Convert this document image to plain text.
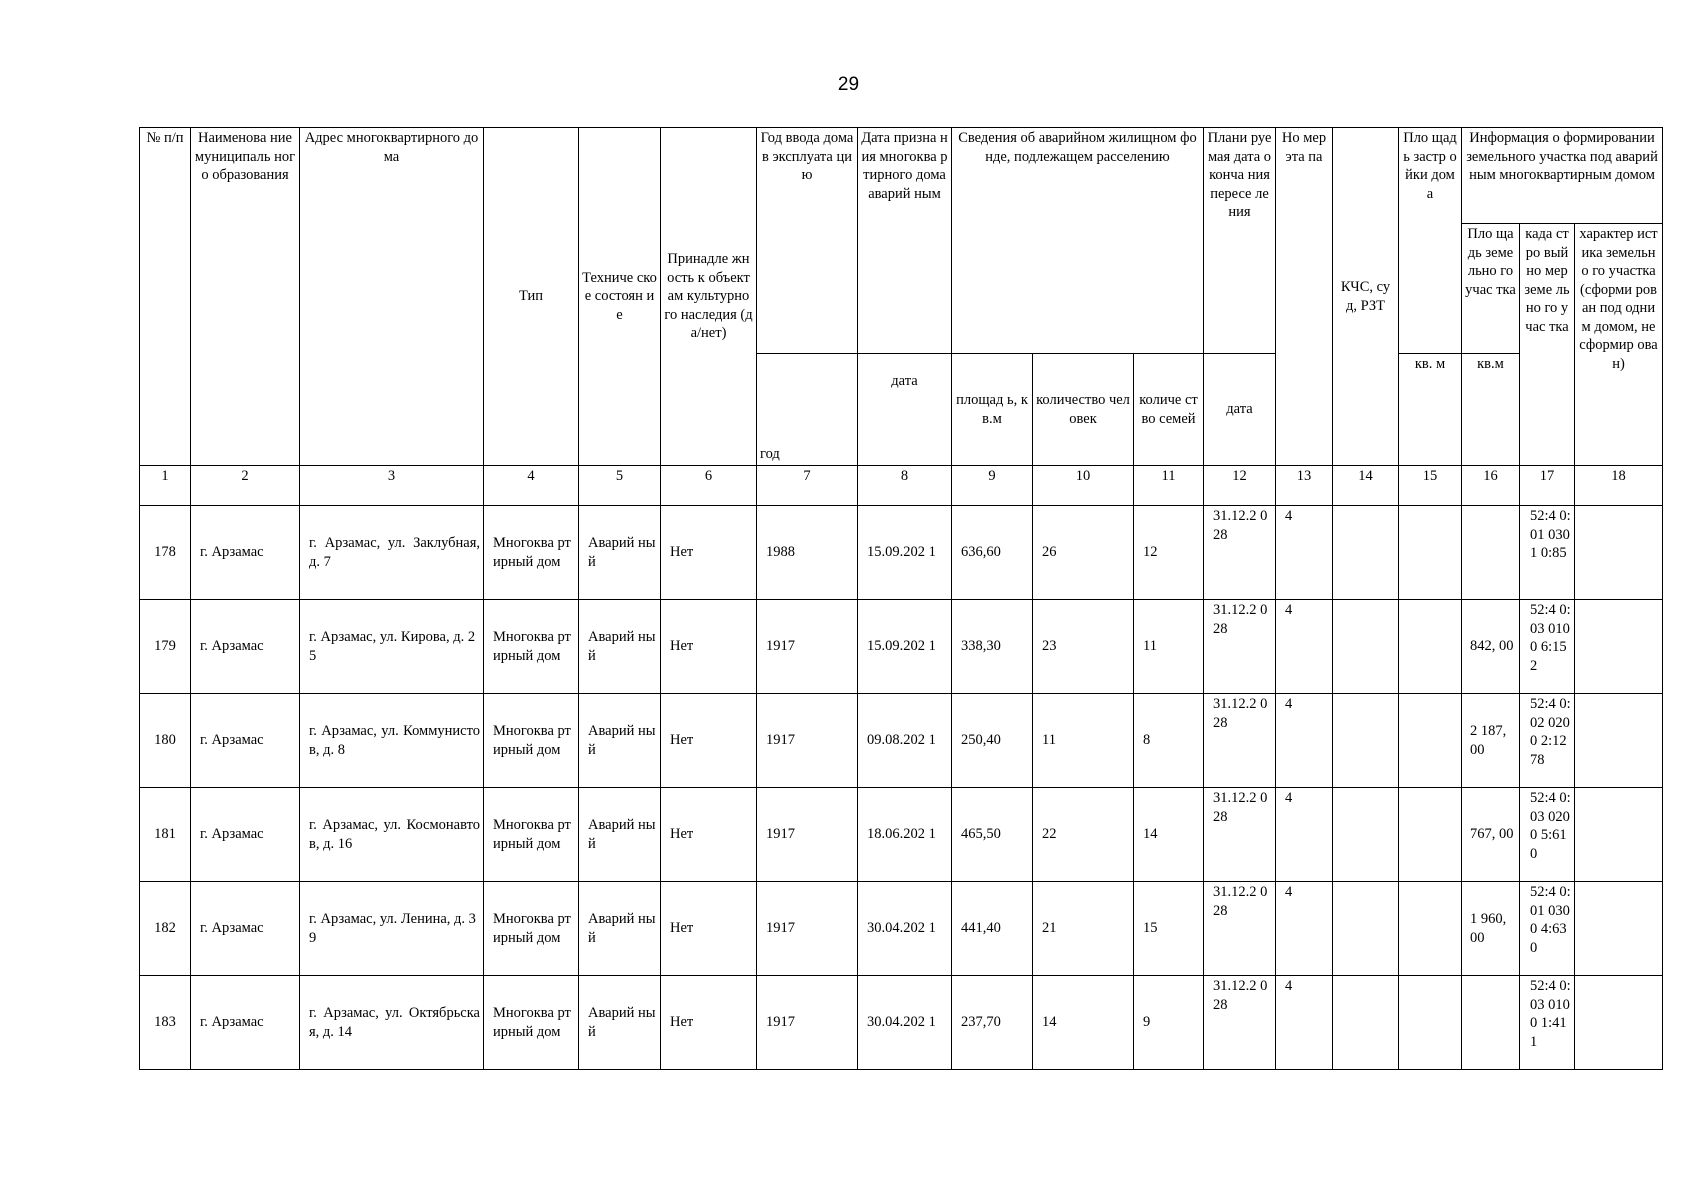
29
№ п/п	Наименова ние муниципаль ного образования	Адрес многоквартирного дома	Тип	Техниче ское состоян ие	Принадле жность к объектам культурно го наследия (да/нет)	Год ввода дома в эксплуата цию	Дата призна ния многоква ртирного дома аварий ным	Сведения об аварийном жилищном фонде, подлежащем расселению			Плани руемая дата оконча ния пересе ления	Но мер эта па	КЧС, суд, РЗТ	Пло щадь застр ойки дома	Информация о формировании земельного участка под аварийным многоквартирным домом		
															Пло щадь земе льно го учас тка	када стро вый но мер земе льно го учас тка	характер истика земельно го участка (сформи рован под одним домом, не сформир ован)
						год	дата	площад ь, кв.м	количество человек	количе ство семей	дата			кв. м	кв.м		
1	2	3	4	5	6	7	8	9	10	11	12	13	14	15	16	17	18
178	г. Арзамас	г. Арзамас, ул. Заклубная, д. 7	Многоква ртирный дом	Аварий ный	Нет	1988	15.09.202 1	636,60	26	12	31.12.2 028	4				52:4 0:01 0301 0:85	
179	г. Арзамас	г. Арзамас, ул. Кирова, д. 25	Многоква ртирный дом	Аварий ный	Нет	1917	15.09.202 1	338,30	23	11	31.12.2 028	4			842, 00	52:4 0:03 0100 6:15 2	
180	г. Арзамас	г. Арзамас, ул. Коммунистов, д. 8	Многоква ртирный дом	Аварий ный	Нет	1917	09.08.202 1	250,40	11	8	31.12.2 028	4			2 187, 00	52:4 0:02 0200 2:12 78	
181	г. Арзамас	г. Арзамас, ул. Космонавтов, д. 16	Многоква ртирный дом	Аварий ный	Нет	1917	18.06.202 1	465,50	22	14	31.12.2 028	4			767, 00	52:4 0:03 0200 5:61 0	
182	г. Арзамас	г. Арзамас, ул. Ленина, д. 39	Многоква ртирный дом	Аварий ный	Нет	1917	30.04.202 1	441,40	21	15	31.12.2 028	4			1 960, 00	52:4 0:01 0300 4:63 0	
183	г. Арзамас	г. Арзамас, ул. Октябрьская, д. 14	Многоква ртирный дом	Аварий ный	Нет	1917	30.04.202 1	237,70	14	9	31.12.2 028	4				52:4 0:03 0100 1:41 1	
